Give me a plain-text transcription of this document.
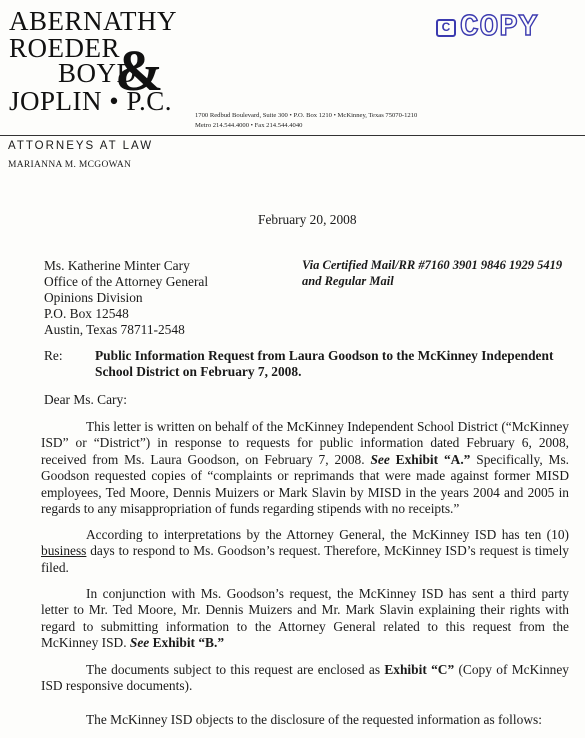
ABERNATHY
ROEDER
BOYD
JOPLIN • P.C.
&
1700 Redbud Boulevard, Suite 300 • P.O. Box 1210 • McKinney, Texas 75070-1210
Metro 214.544.4000 • Fax 214.544.4040
C COPY
ATTORNEYS AT LAW
MARIANNA M. MCGOWAN
February 20, 2008
Ms. Katherine Minter Cary
Office of the Attorney General
Opinions Division
P.O. Box 12548
Austin, Texas 78711-2548
Via Certified Mail/RR #7160 3901 9846 1929 5419
and Regular Mail
Re: Public Information Request from Laura Goodson to the McKinney Independent School District on February 7, 2008.
Dear Ms. Cary:

This letter is written on behalf of the McKinney Independent School District (“McKinney ISD” or “District”) in response to requests for public information dated February 6, 2008, received from Ms. Laura Goodson, on February 7, 2008. See Exhibit “A.” Specifically, Ms. Goodson requested copies of “complaints or reprimands that were made against former MISD employees, Ted Moore, Dennis Muizers or Mark Slavin by MISD in the years 2004 and 2005 in regards to any misappropriation of funds regarding stipends with no receipts.”

According to interpretations by the Attorney General, the McKinney ISD has ten (10) business days to respond to Ms. Goodson’s request. Therefore, McKinney ISD’s request is timely filed.

In conjunction with Ms. Goodson’s request, the McKinney ISD has sent a third party letter to Mr. Ted Moore, Mr. Dennis Muizers and Mr. Mark Slavin explaining their rights with regard to submitting information to the Attorney General related to this request from the McKinney ISD. See Exhibit “B.”

The documents subject to this request are enclosed as Exhibit “C” (Copy of McKinney ISD responsive documents).

The McKinney ISD objects to the disclosure of the requested information as follows:
